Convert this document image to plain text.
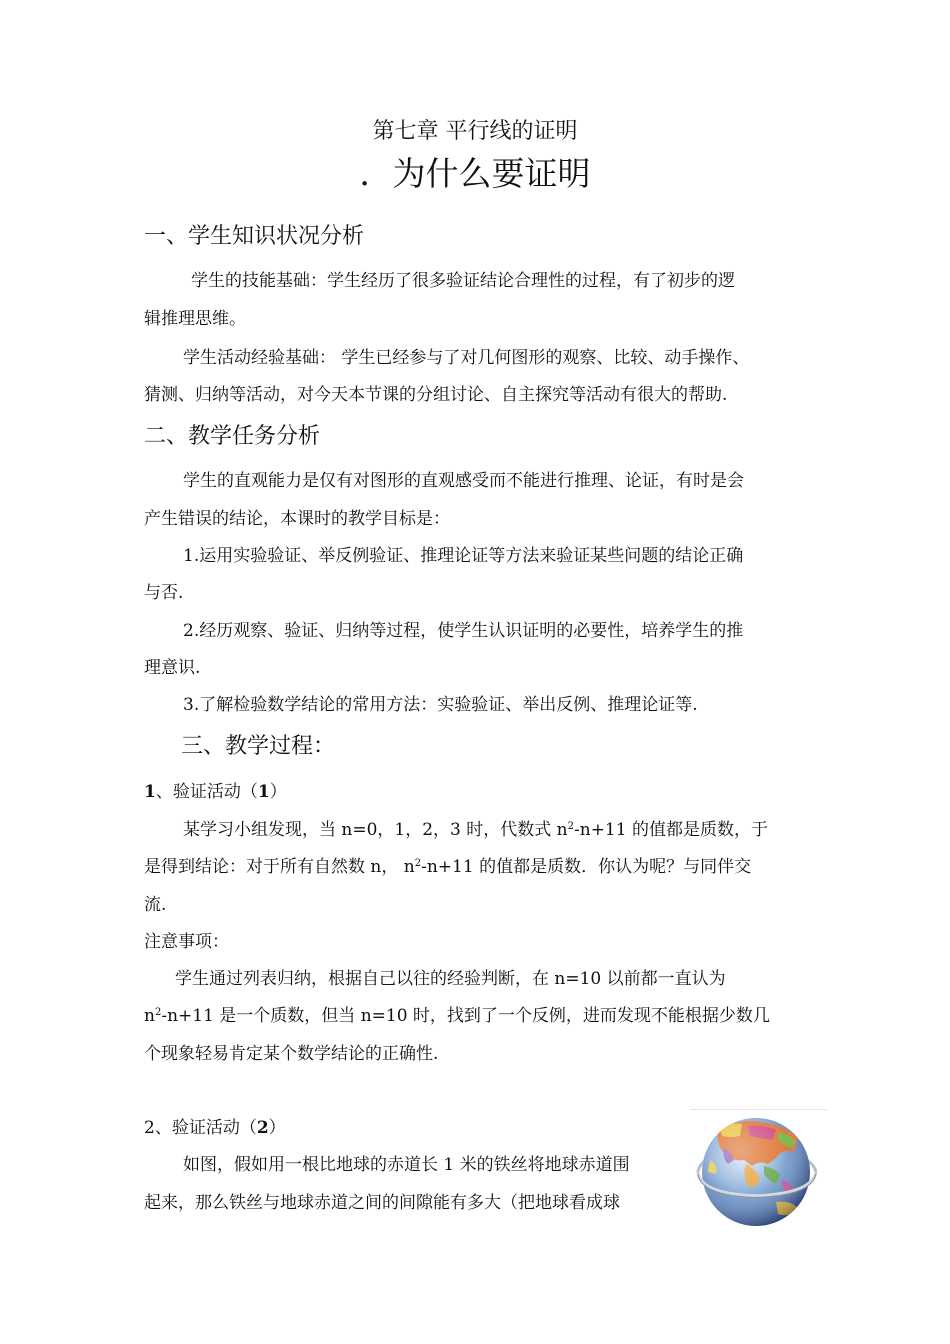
第七章 平行线的证明
．为什么要证明
一、学生知识状况分析
学生的技能基础：学生经历了很多验证结论合理性的过程，有了初步的逻
辑推理思维。
学生活动经验基础： 学生已经参与了对几何图形的观察、比较、动手操作、
猜测、归纳等活动，对今天本节课的分组讨论、自主探究等活动有很大的帮助.
二、教学任务分析
学生的直观能力是仅有对图形的直观感受而不能进行推理、论证，有时是会
产生错误的结论，本课时的教学目标是：
1.运用实验验证、举反例验证、推理论证等方法来验证某些问题的结论正确
与否.
2.经历观察、验证、归纳等过程，使学生认识证明的必要性，培养学生的推
理意识.
3.了解检验数学结论的常用方法：实验验证、举出反例、推理论证等.
三、教学过程：
1、验证活动（1）
某学习小组发现，当 n=0，1，2，3 时，代数式 $n^2-n+11$ 的值都是质数，于
是得到结论：对于所有自然数 n， $n^2-n+11$ 的值都是质数．你认为呢？与同伴交
流.
注意事项：
学生通过列表归纳，根据自己以往的经验判断，在 n=10 以前都一直认为
$n^2-n+11$ 是一个质数，但当 n=10 时，找到了一个反例，进而发现不能根据少数几
个现象轻易肯定某个数学结论的正确性.
2、验证活动（2）
如图，假如用一根比地球的赤道长 1 米的铁丝将地球赤道围
起来，那么铁丝与地球赤道之间的间隙能有多大（把地球看成球
